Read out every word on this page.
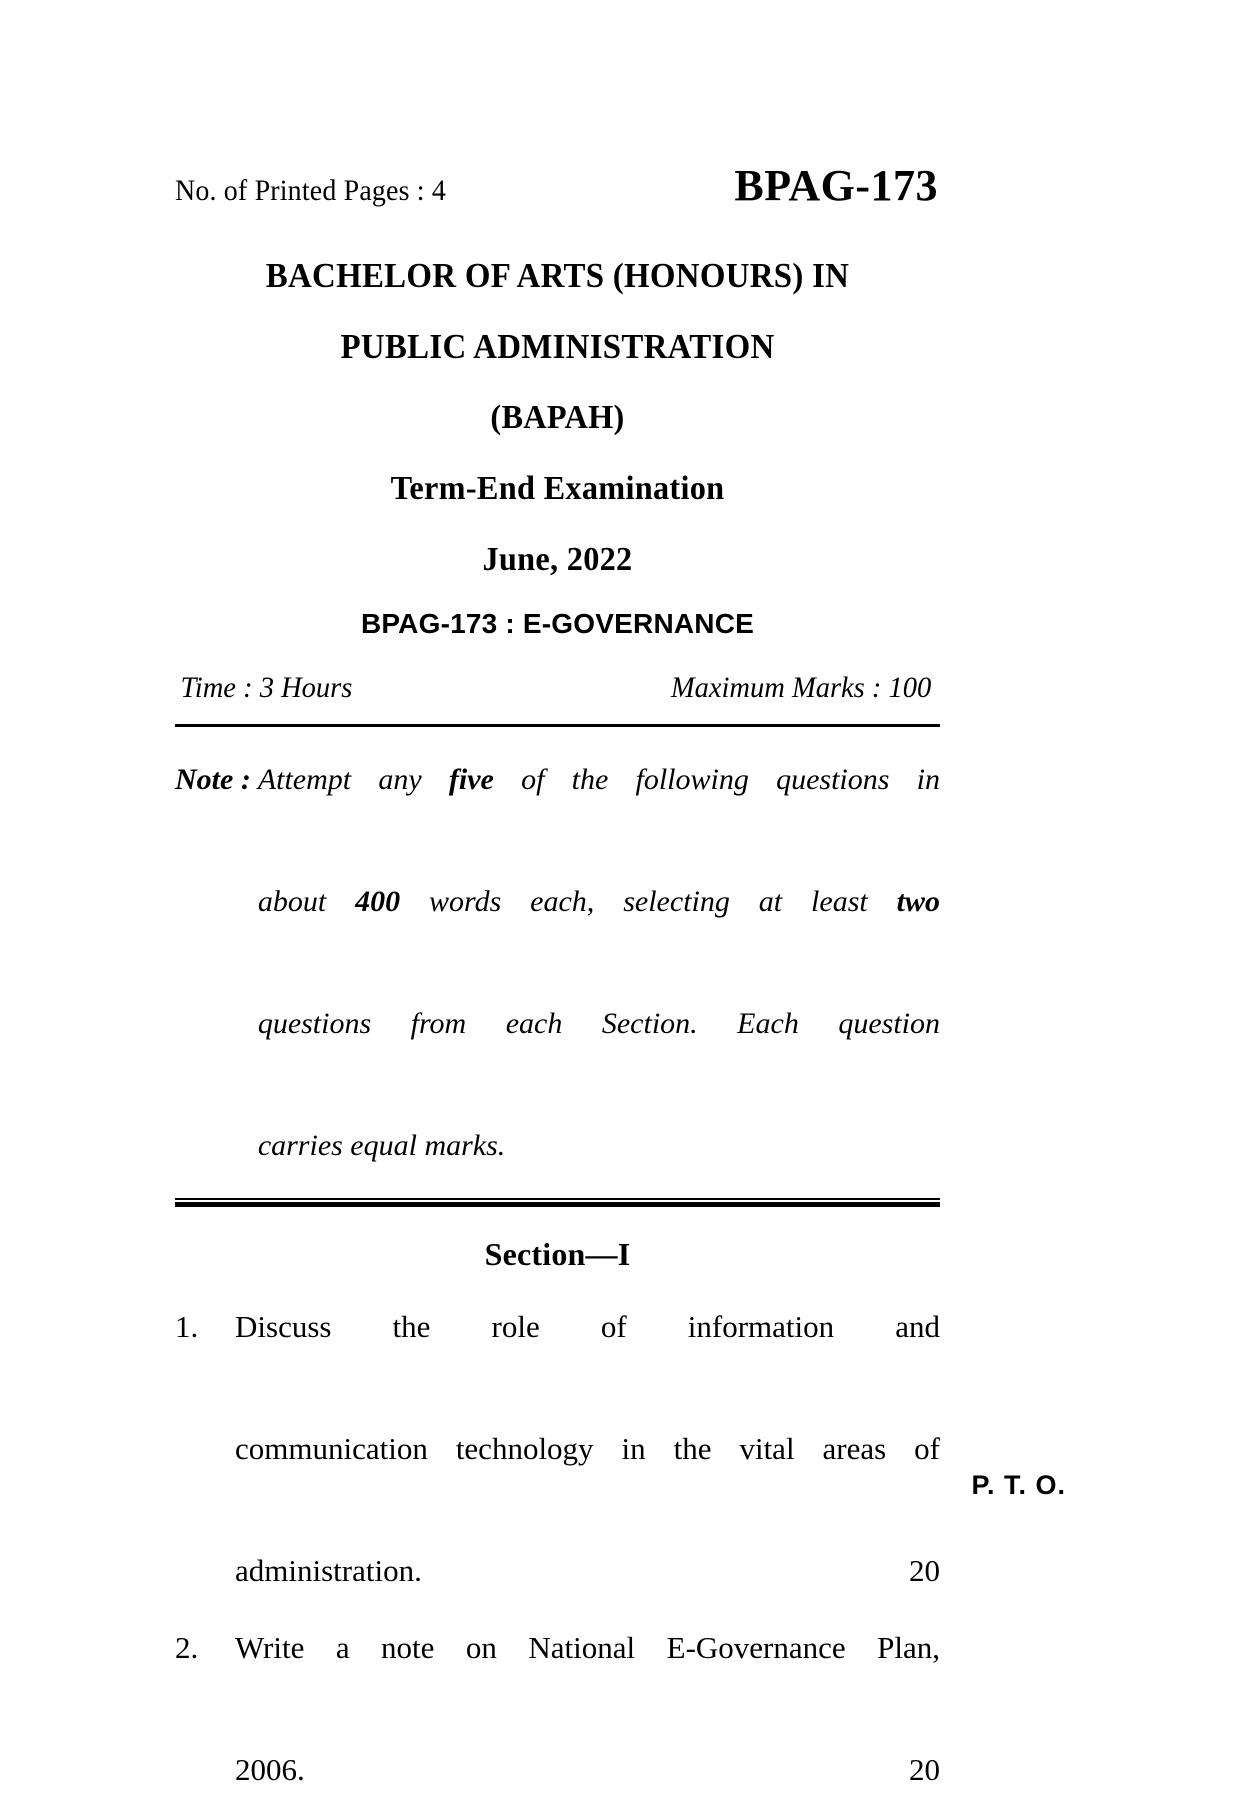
No. of Printed Pages : 4	BPAG-173
BACHELOR OF ARTS (HONOURS) IN
PUBLIC ADMINISTRATION
(BAPAH)
Term-End Examination
June, 2022
BPAG-173 : E-GOVERNANCE
Time : 3 Hours	Maximum Marks : 100
Note : Attempt any five of the following questions in
about 400 words each, selecting at least two
questions from each Section. Each question
carries equal marks.
Section—I
1.	Discuss the role of information and
communication technology in the vital areas of
administration.	20
2.	Write a note on National E-Governance Plan,
2006.	20
P. T. O.
